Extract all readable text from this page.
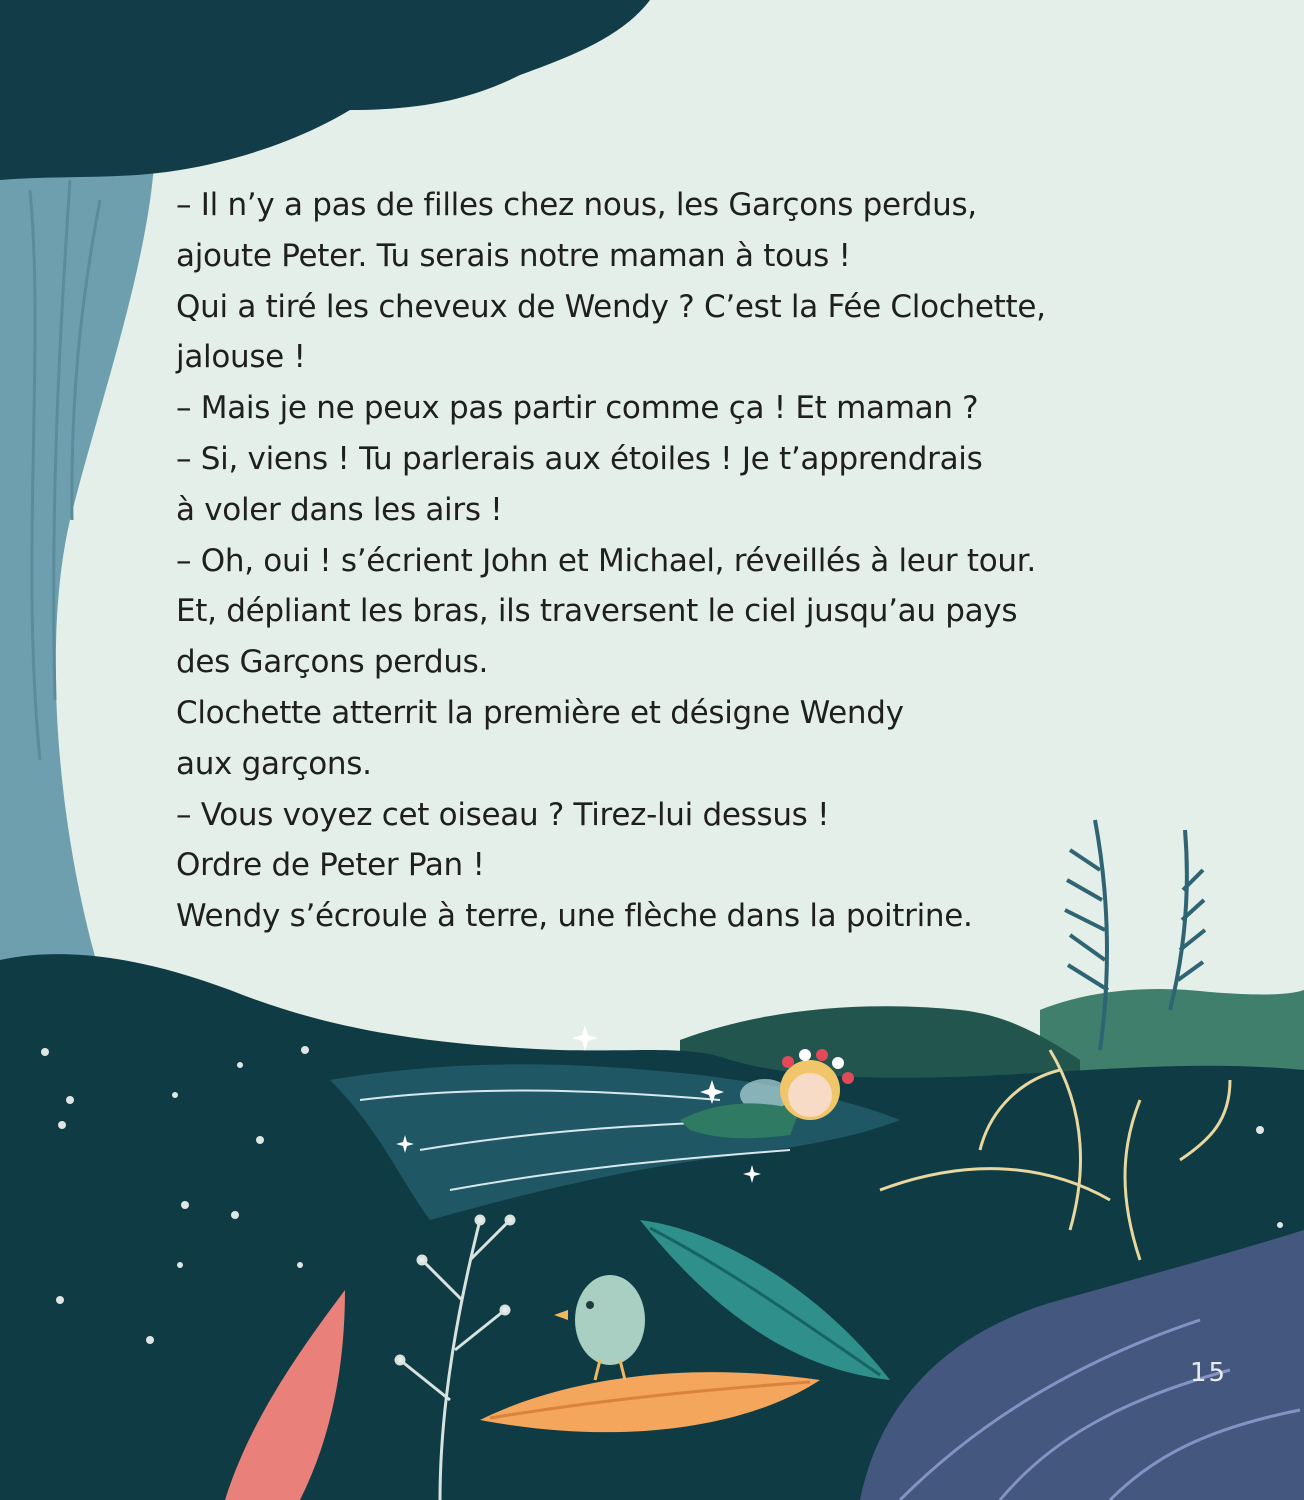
– Il n’y a pas de filles chez nous, les Garçons perdus,
ajoute Peter. Tu serais notre maman à tous !
Qui a tiré les cheveux de Wendy ? C’est la Fée Clochette,
jalouse !
– Mais je ne peux pas partir comme ça ! Et maman ?
– Si, viens ! Tu parlerais aux étoiles ! Je t’apprendrais
à voler dans les airs !
– Oh, oui ! s’écrient John et Michael, réveillés à leur tour.
Et, dépliant les bras, ils traversent le ciel jusqu’au pays
des Garçons perdus.
Clochette atterrit la première et désigne Wendy
aux garçons.
– Vous voyez cet oiseau ? Tirez-lui dessus !
Ordre de Peter Pan !
Wendy s’écroule à terre, une flèche dans la poitrine.
15
